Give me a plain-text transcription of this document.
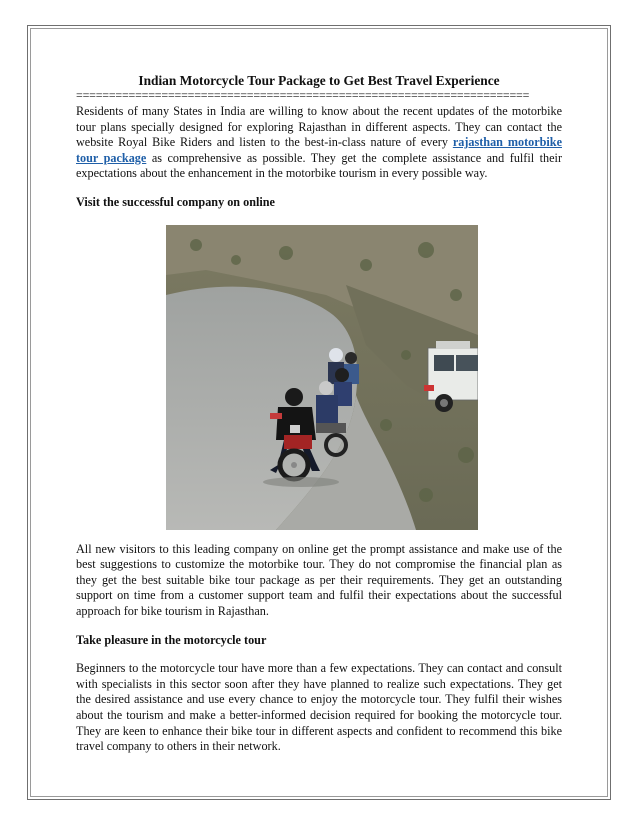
Indian Motorcycle Tour Package to Get Best Travel Experience
=====================================================================

Residents of many States in India are willing to know about the recent updates of the motorbike tour plans specially designed for exploring Rajasthan in different aspects. They can contact the website Royal Bike Riders and listen to the best-in-class nature of every rajasthan motorbike tour package as comprehensive as possible. They get the complete assistance and fulfil their expectations about the enhancement in the motorbike tourism in every possible way.

Visit the successful company on online

All new visitors to this leading company on online get the prompt assistance and make use of the best suggestions to customize the motorbike tour. They do not compromise the financial plan as they get the best suitable bike tour package as per their requirements. They get an outstanding support on time from a customer support team and fulfil their expectations about the successful approach for bike tourism in Rajasthan.

Take pleasure in the motorcycle tour

Beginners to the motorcycle tour have more than a few expectations. They can contact and consult with specialists in this sector soon after they have planned to realize such expectations. They get the desired assistance and use every chance to enjoy the motorcycle tour. They fulfil their wishes about the tourism and make a better-informed decision required for booking the motorcycle tour. They are keen to enhance their bike tour in different aspects and confident to recommend this bike travel company to others in their network.
